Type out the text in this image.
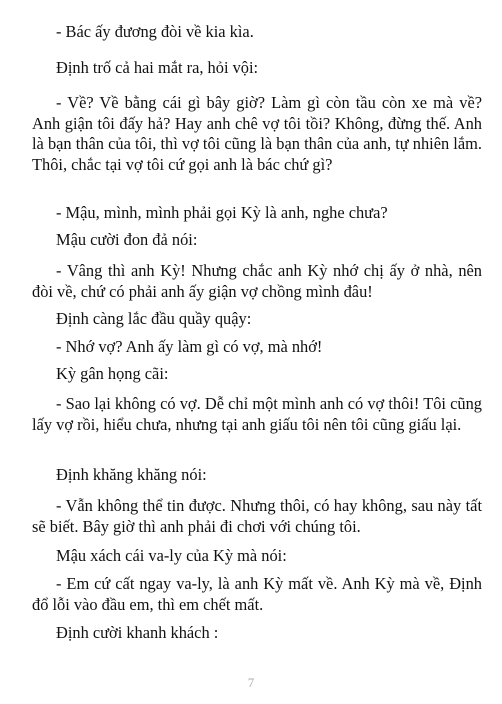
- Bác ấy đương đòi về kia kìa.

Định trố cả hai mắt ra, hỏi vội:

- Về? Về bằng cái gì bây giờ? Làm gì còn tầu còn xe mà về? Anh giận tôi đấy hả? Hay anh chê vợ tôi tồi? Không, đừng thế. Anh là bạn thân của tôi, thì vợ tôi cũng là bạn thân của anh, tự nhiên lắm. Thôi, chắc tại vợ tôi cứ gọi anh là bác chứ gì?

- Mậu, mình, mình phải gọi Kỳ là anh, nghe chưa?

Mậu cười đon đả nói:

- Vâng thì anh Kỳ! Nhưng chắc anh Kỳ nhớ chị ấy ở nhà, nên đòi về, chứ có phải anh ấy giận vợ chồng mình đâu!

Định càng lắc đầu quầy quậy:

- Nhớ vợ? Anh ấy làm gì có vợ, mà nhớ!

Kỳ gân họng cãi:

- Sao lại không có vợ. Dễ chỉ một mình anh có vợ thôi! Tôi cũng lấy vợ rồi, hiểu chưa, nhưng tại anh giấu tôi nên tôi cũng giấu lại.

Định khăng khăng nói:

- Vẫn không thể tin được. Nhưng thôi, có hay không, sau này tất sẽ biết. Bây giờ thì anh phải đi chơi với chúng tôi.

Mậu xách cái va-ly của Kỳ mà nói:

- Em cứ cất ngay va-ly, là anh Kỳ mất về. Anh Kỳ mà về, Định đổ lỗi vào đầu em, thì em chết mất.

Định cười khanh khách :

7
